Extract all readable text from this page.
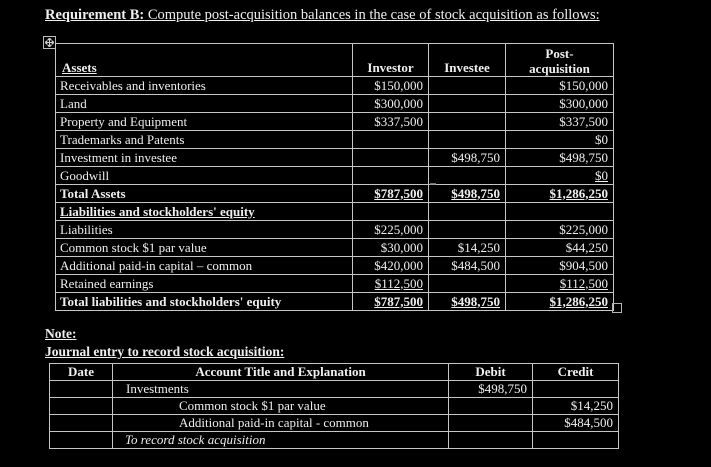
Requirement B: Compute post-acquisition balances in the case of stock acquisition as follows:
Assets	Investor	Investee	Post-
acquisition

Receivables and inventories	$150,000		$150,000
Land	$300,000		$300,000
Property and Equipment	$337,500		$337,500
Trademarks and Patents			$0
Investment in investee		$498,750	$498,750
Goodwill			$0
Total Assets	$787,500	$498,750	$1,286,250
Liabilities and stockholders' equity			
Liabilities	$225,000		$225,000
Common stock $1 par value	$30,000	$14,250	$44,250
Additional paid-in capital – common	$420,000	$484,500	$904,500
Retained earnings	$112,500		$112,500
Total liabilities and stockholders' equity	$787,500	$498,750	$1,286,250
Note:
Journal entry to record stock acquisition:
Date	Account Title and Explanation	Debit	Credit
	Investments	$498,750	
	Common stock $1 par value		$14,250
	Additional paid-in capital - common		$484,500
	To record stock acquisition		
